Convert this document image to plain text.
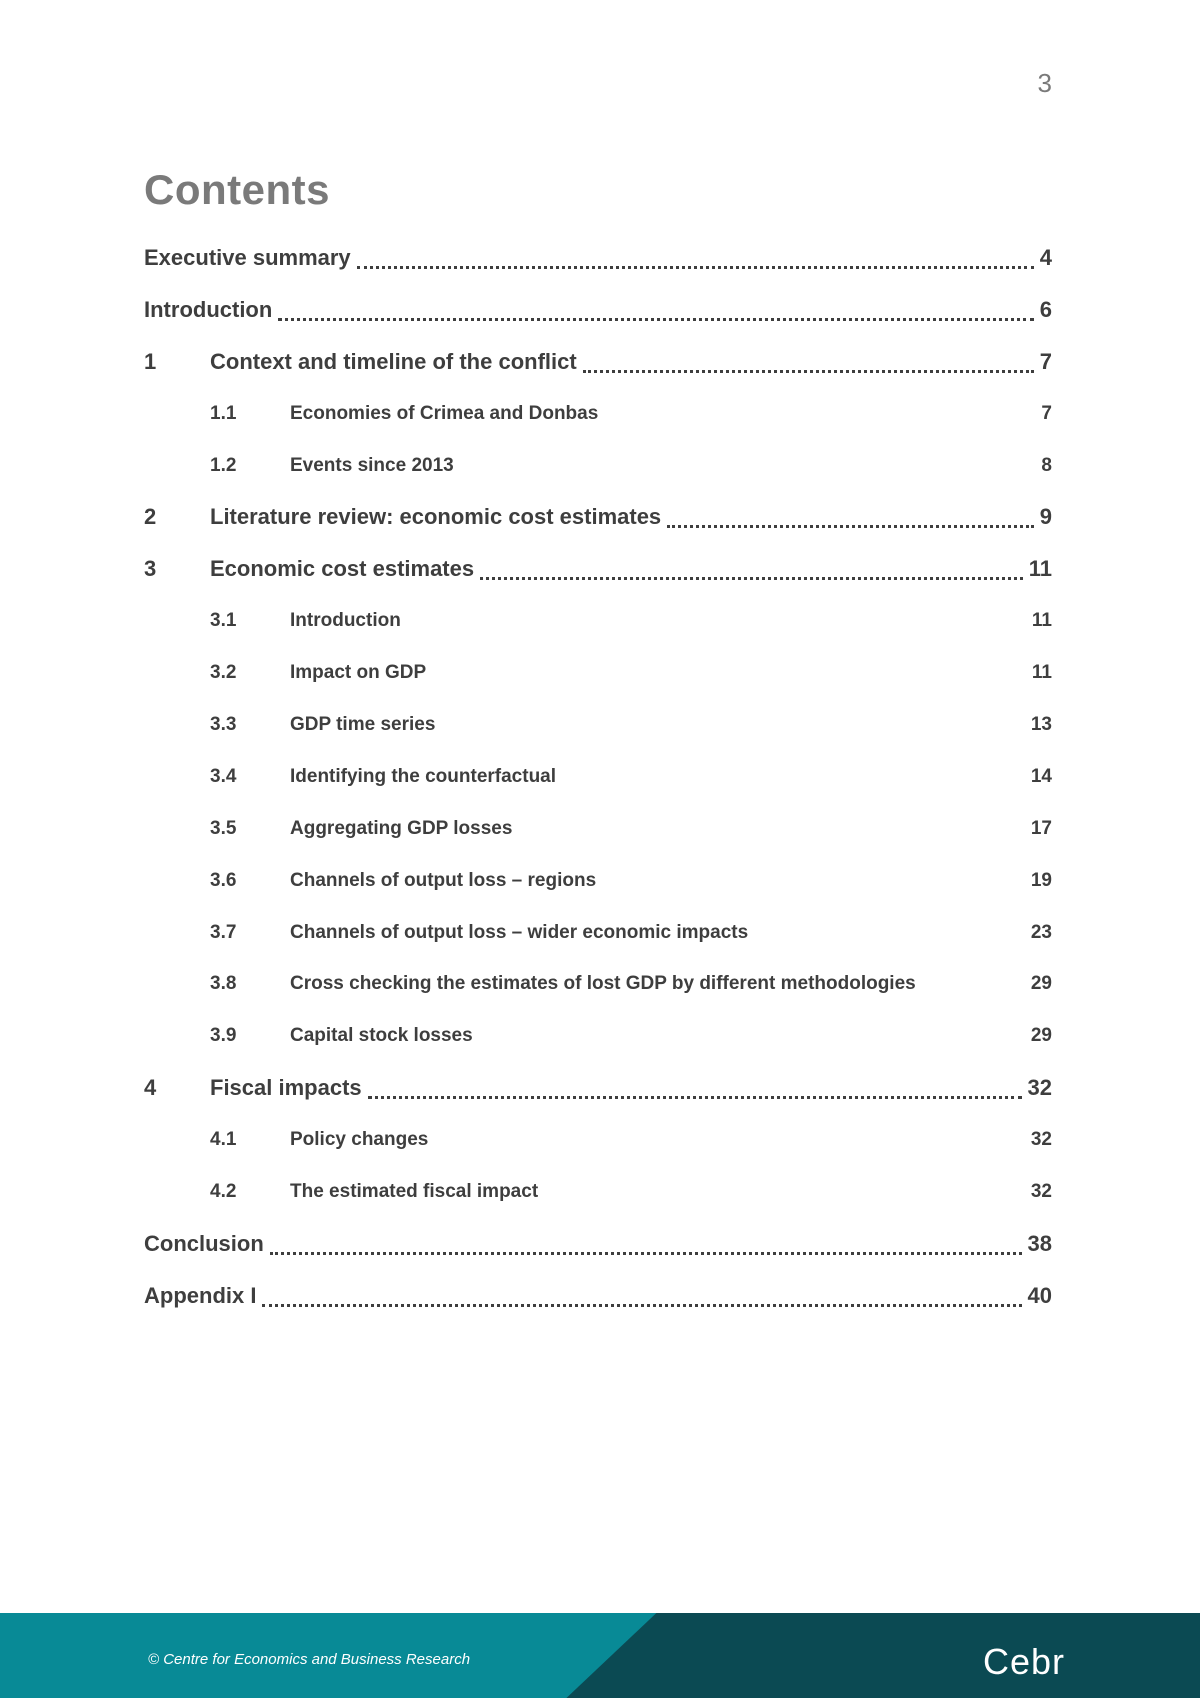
3
Contents
Executive summary	4
Introduction	6
1	Context and timeline of the conflict	7
1.1	Economies of Crimea and Donbas	7
1.2	Events since 2013	8
2	Literature review: economic cost estimates	9
3	Economic cost estimates	11
3.1	Introduction	11
3.2	Impact on GDP	11
3.3	GDP time series	13
3.4	Identifying the counterfactual	14
3.5	Aggregating GDP losses	17
3.6	Channels of output loss – regions	19
3.7	Channels of output loss – wider economic impacts	23
3.8	Cross checking the estimates of lost GDP by different methodologies	29
3.9	Capital stock losses	29
4	Fiscal impacts	32
4.1	Policy changes	32
4.2	The estimated fiscal impact	32
Conclusion	38
Appendix I	40
© Centre for Economics and Business Research	Cebr
